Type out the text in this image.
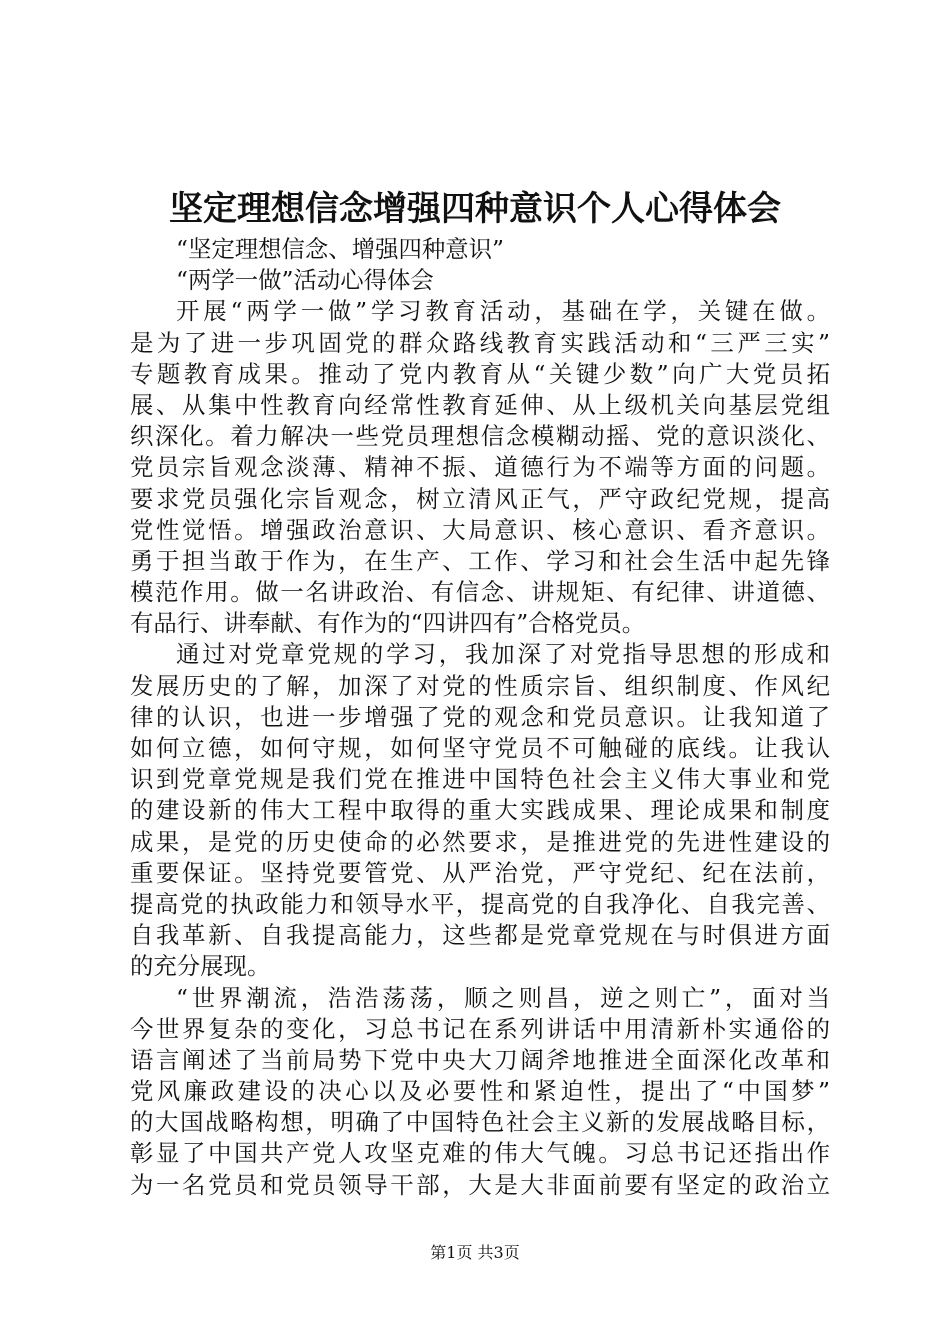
坚定理想信念增强四种意识个人心得体会
“坚定理想信念、增强四种意识”
“两学一做”活动心得体会
开展“两学一做”学习教育活动，基础在学，关键在做。
是为了进一步巩固党的群众路线教育实践活动和“三严三实”
专题教育成果。推动了党内教育从“关键少数”向广大党员拓
展、从集中性教育向经常性教育延伸、从上级机关向基层党组
织深化。着力解决一些党员理想信念模糊动摇、党的意识淡化、
党员宗旨观念淡薄、精神不振、道德行为不端等方面的问题。
要求党员强化宗旨观念，树立清风正气，严守政纪党规，提高
党性觉悟。增强政治意识、大局意识、核心意识、看齐意识。
勇于担当敢于作为，在生产、工作、学习和社会生活中起先锋
模范作用。做一名讲政治、有信念、讲规矩、有纪律、讲道德、
有品行、讲奉献、有作为的“四讲四有”合格党员。
通过对党章党规的学习，我加深了对党指导思想的形成和
发展历史的了解，加深了对党的性质宗旨、组织制度、作风纪
律的认识，也进一步增强了党的观念和党员意识。让我知道了
如何立德，如何守规，如何坚守党员不可触碰的底线。让我认
识到党章党规是我们党在推进中国特色社会主义伟大事业和党
的建设新的伟大工程中取得的重大实践成果、理论成果和制度
成果，是党的历史使命的必然要求，是推进党的先进性建设的
重要保证。坚持党要管党、从严治党，严守党纪、纪在法前，
提高党的执政能力和领导水平，提高党的自我净化、自我完善、
自我革新、自我提高能力，这些都是党章党规在与时俱进方面
的充分展现。
“世界潮流，浩浩荡荡，顺之则昌，逆之则亡”，面对当
今世界复杂的变化，习总书记在系列讲话中用清新朴实通俗的
语言阐述了当前局势下党中央大刀阔斧地推进全面深化改革和
党风廉政建设的决心以及必要性和紧迫性，提出了“中国梦”
的大国战略构想，明确了中国特色社会主义新的发展战略目标，
彰显了中国共产党人攻坚克难的伟大气魄。习总书记还指出作
为一名党员和党员领导干部，大是大非面前要有坚定的政治立
第1页 共3页
